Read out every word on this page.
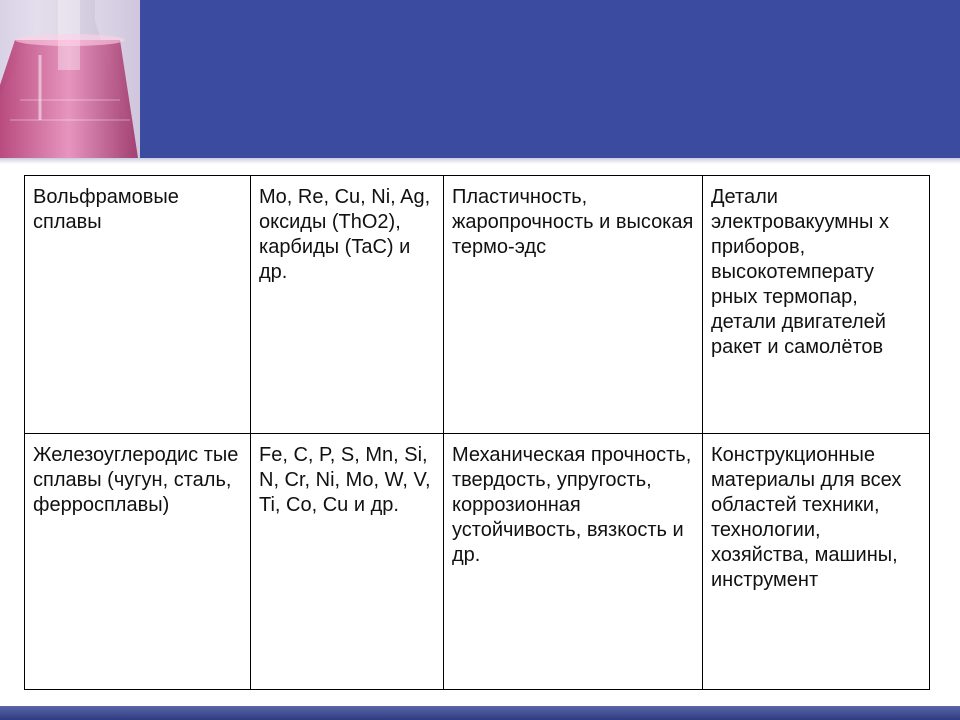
Вольфрамовые сплавы	Mo, Re, Cu, Ni, Ag, оксиды (ThO2), карбиды (TaC) и др.	Пластичность, жаропрочность и высокая термо-эдс	Детали электровакуумны х приборов, высокотемперату рных термопар, детали двигателей ракет и самолётов

Железоуглеродис тые сплавы (чугун, сталь, ферросплавы)	Fe, C, P, S, Mn, Si, N, Cr, Ni, Mo, W, V, Ti, Co, Cu и др.	Механическая прочность, твердость, упругость, коррозионная устойчивость, вязкость и др.	Конструкционные материалы для всех областей техники, технологии, хозяйства, машины, инструмент
